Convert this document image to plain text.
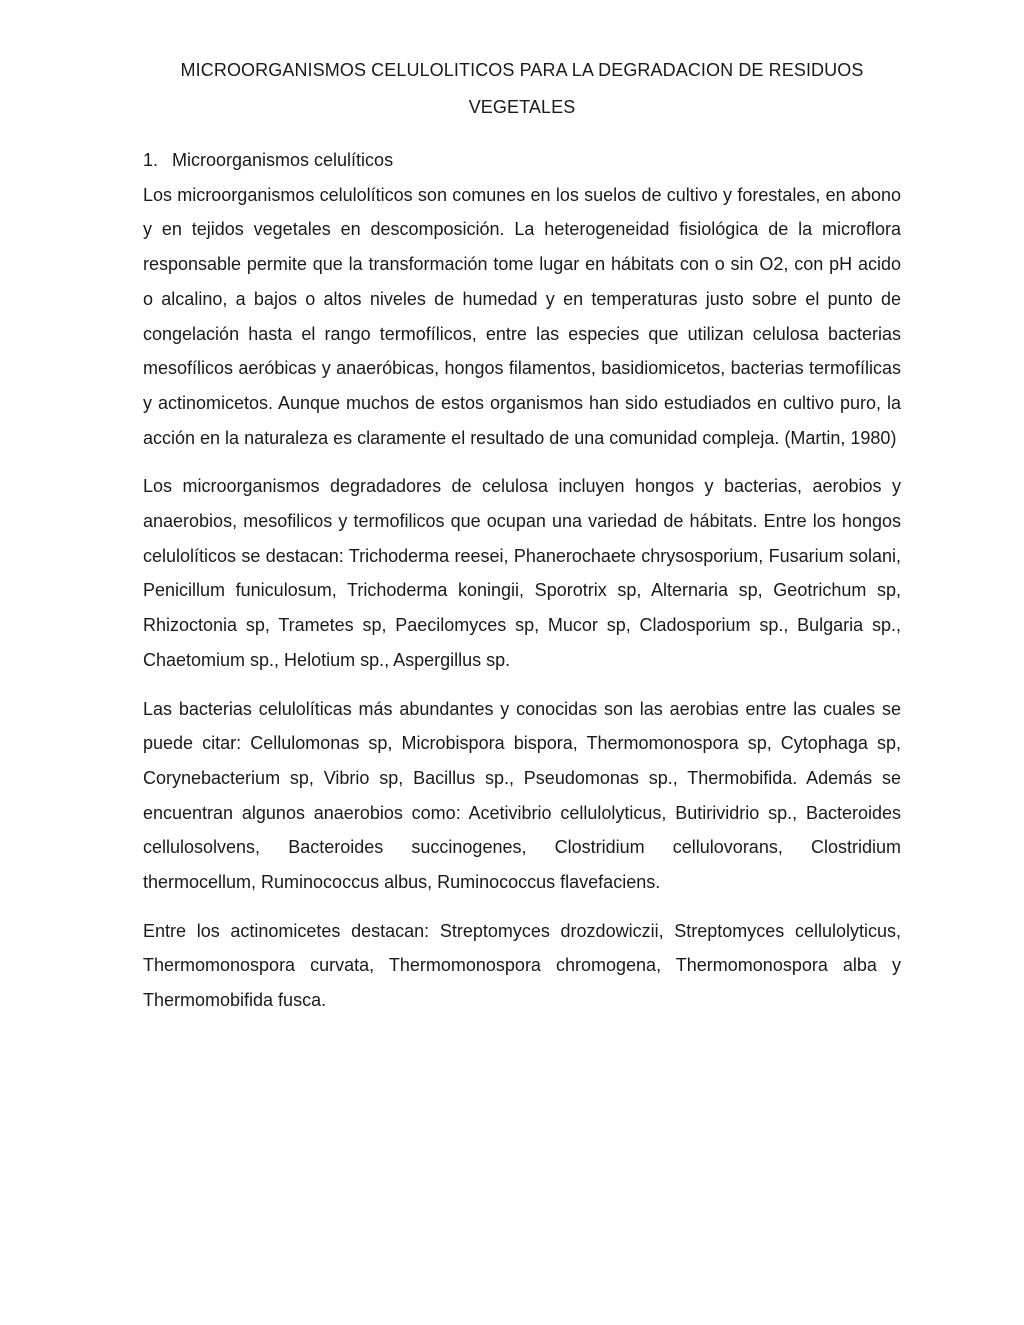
MICROORGANISMOS CELULOLITICOS PARA LA DEGRADACION DE RESIDUOS VEGETALES
1. Microorganismos celulíticos

Los microorganismos celulolíticos son comunes en los suelos de cultivo y forestales, en abono y en tejidos vegetales en descomposición. La heterogeneidad fisiológica de la microflora responsable permite que la transformación tome lugar en hábitats con o sin O2, con pH acido o alcalino, a bajos o altos niveles de humedad y en temperaturas justo sobre el punto de congelación hasta el rango termofílicos, entre las especies que utilizan celulosa bacterias mesofílicos aeróbicas y anaeróbicas, hongos filamentos, basidiomicetos, bacterias termofílicas y actinomicetos. Aunque muchos de estos organismos han sido estudiados en cultivo puro, la acción en la naturaleza es claramente el resultado de una comunidad compleja. (Martin, 1980)

Los microorganismos degradadores de celulosa incluyen hongos y bacterias, aerobios y anaerobios, mesofilicos y termofilicos que ocupan una variedad de hábitats. Entre los hongos celulolíticos se destacan: Trichoderma reesei, Phanerochaete chrysosporium, Fusarium solani, Penicillum funiculosum, Trichoderma koningii, Sporotrix sp, Alternaria sp, Geotrichum sp, Rhizoctonia sp, Trametes sp, Paecilomyces sp, Mucor sp, Cladosporium sp., Bulgaria sp., Chaetomium sp., Helotium sp., Aspergillus sp.

Las bacterias celulolíticas más abundantes y conocidas son las aerobias entre las cuales se puede citar: Cellulomonas sp, Microbispora bispora, Thermomonospora sp, Cytophaga sp, Corynebacterium sp, Vibrio sp, Bacillus sp., Pseudomonas sp., Thermobifida. Además se encuentran algunos anaerobios como: Acetivibrio cellulolyticus, Butirividrio sp., Bacteroides cellulosolvens, Bacteroides succinogenes, Clostridium cellulovorans, Clostridium thermocellum, Ruminococcus albus, Ruminococcus flavefaciens.

Entre los actinomicetes destacan: Streptomyces drozdowiczii, Streptomyces cellulolyticus, Thermomonospora curvata, Thermomonospora chromogena, Thermomonospora alba y Thermomobifida fusca.
